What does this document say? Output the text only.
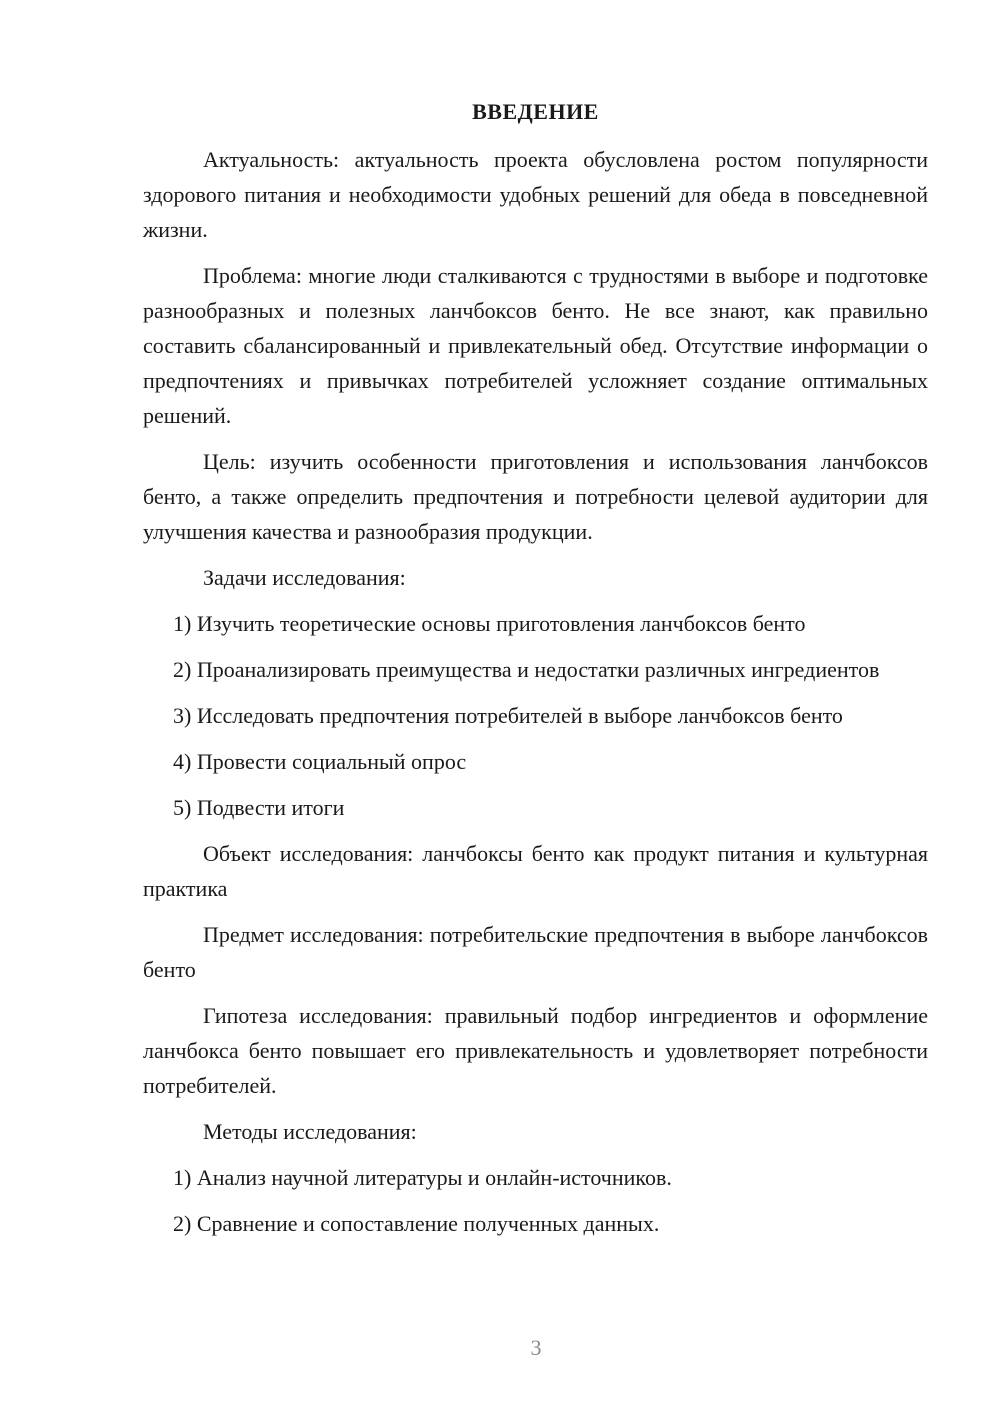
ВВЕДЕНИЕ

Актуальность: актуальность проекта обусловлена ростом популярности здорового питания и необходимости удобных решений для обеда в повседневной жизни.

Проблема: многие люди сталкиваются с трудностями в выборе и подготовке разнообразных и полезных ланчбоксов бенто. Не все знают, как правильно составить сбалансированный и привлекательный обед. Отсутствие информации о предпочтениях и привычках потребителей усложняет создание оптимальных решений.

Цель: изучить особенности приготовления и использования ланчбоксов бенто, а также определить предпочтения и потребности целевой аудитории для улучшения качества и разнообразия продукции.

Задачи исследования:

1) Изучить теоретические основы приготовления ланчбоксов бенто

2) Проанализировать преимущества и недостатки различных ингредиентов

3) Исследовать предпочтения потребителей в выборе ланчбоксов бенто

4) Провести социальный опрос

5) Подвести итоги

Объект исследования: ланчбоксы бенто как продукт питания и культурная практика

Предмет исследования: потребительские предпочтения в выборе ланчбоксов бенто

Гипотеза исследования: правильный подбор ингредиентов и оформление ланчбокса бенто повышает его привлекательность и удовлетворяет потребности потребителей.

Методы исследования:

1) Анализ научной литературы и онлайн-источников.

2) Сравнение и сопоставление полученных данных.

3
